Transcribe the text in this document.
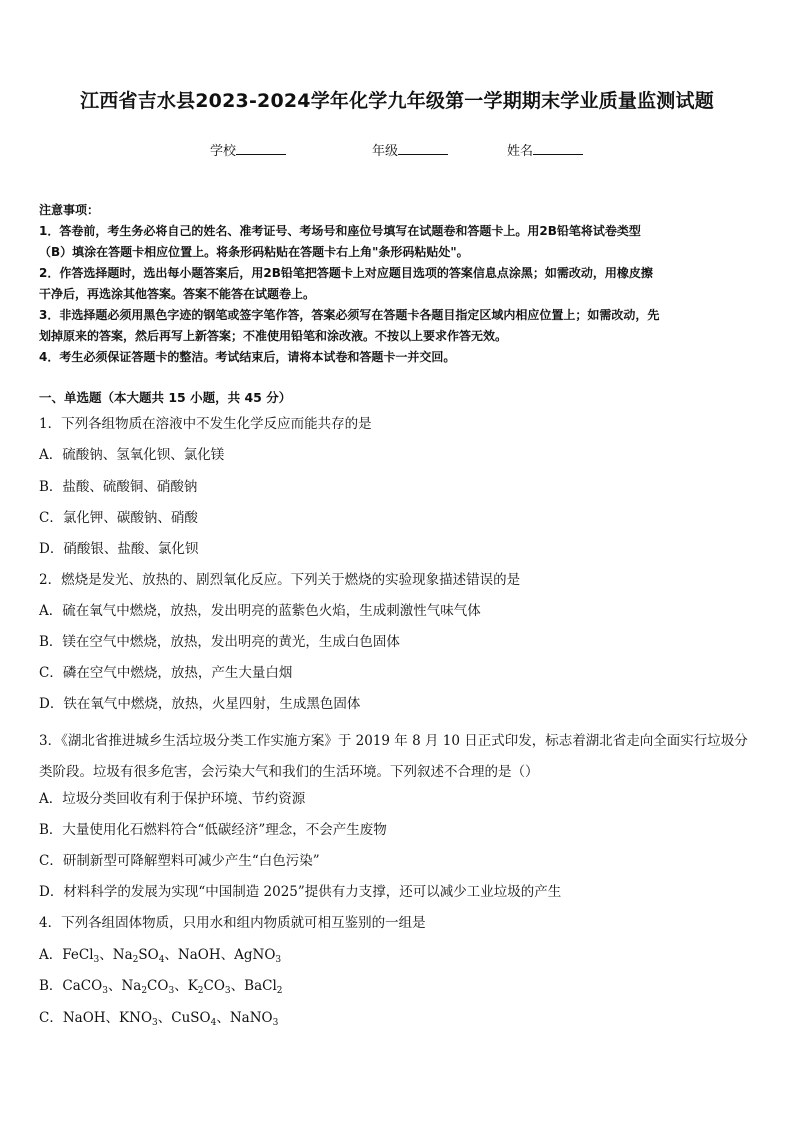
江西省吉水县2023-2024学年化学九年级第一学期期末学业质量监测试题
学校	年级	姓名
注意事项：
1．答卷前，考生务必将自己的姓名、准考证号、考场号和座位号填写在试题卷和答题卡上。用2B铅笔将试卷类型
（B）填涂在答题卡相应位置上。将条形码粘贴在答题卡右上角"条形码粘贴处"。
2．作答选择题时，选出每小题答案后，用2B铅笔把答题卡上对应题目选项的答案信息点涂黑；如需改动，用橡皮擦
干净后，再选涂其他答案。答案不能答在试题卷上。
3．非选择题必须用黑色字迹的钢笔或签字笔作答，答案必须写在答题卡各题目指定区域内相应位置上；如需改动，先
划掉原来的答案，然后再写上新答案；不准使用铅笔和涂改液。不按以上要求作答无效。
4．考生必须保证答题卡的整洁。考试结束后，请将本试卷和答题卡一并交回。
一、单选题（本大题共 15 小题，共 45 分）
1．下列各组物质在溶液中不发生化学反应而能共存的是
A．硫酸钠、氢氧化钡、氯化镁
B．盐酸、硫酸铜、硝酸钠
C．氯化钾、碳酸钠、硝酸
D．硝酸银、盐酸、氯化钡
2．燃烧是发光、放热的、剧烈氧化反应。下列关于燃烧的实验现象描述错误的是
A．硫在氧气中燃烧，放热，发出明亮的蓝紫色火焰，生成刺激性气味气体
B．镁在空气中燃烧，放热，发出明亮的黄光，生成白色固体
C．磷在空气中燃烧，放热，产生大量白烟
D．铁在氧气中燃烧，放热，火星四射，生成黑色固体
3．《湖北省推进城乡生活垃圾分类工作实施方案》于 2019 年 8 月 10 日正式印发，标志着湖北省走向全面实行垃圾分
类阶段。垃圾有很多危害，会污染大气和我们的生活环境。下列叙述不合理的是（）
A．垃圾分类回收有利于保护环境、节约资源
B．大量使用化石燃料符合“低碳经济”理念，不会产生废物
C．研制新型可降解塑料可减少产生“白色污染”
D．材料科学的发展为实现“中国制造 2025”提供有力支撑，还可以减少工业垃圾的产生
4．下列各组固体物质，只用水和组内物质就可相互鉴别的一组是
A．FeCl$_3$、$Na_2SO_4$、NaOH、AgNO$_3$
B．CaCO$_3$、$Na_2CO_3$、$K_2CO_3$、BaCl$_2$
C．NaOH、$KNO_3$、CuSO$_4$、NaNO$_3$
